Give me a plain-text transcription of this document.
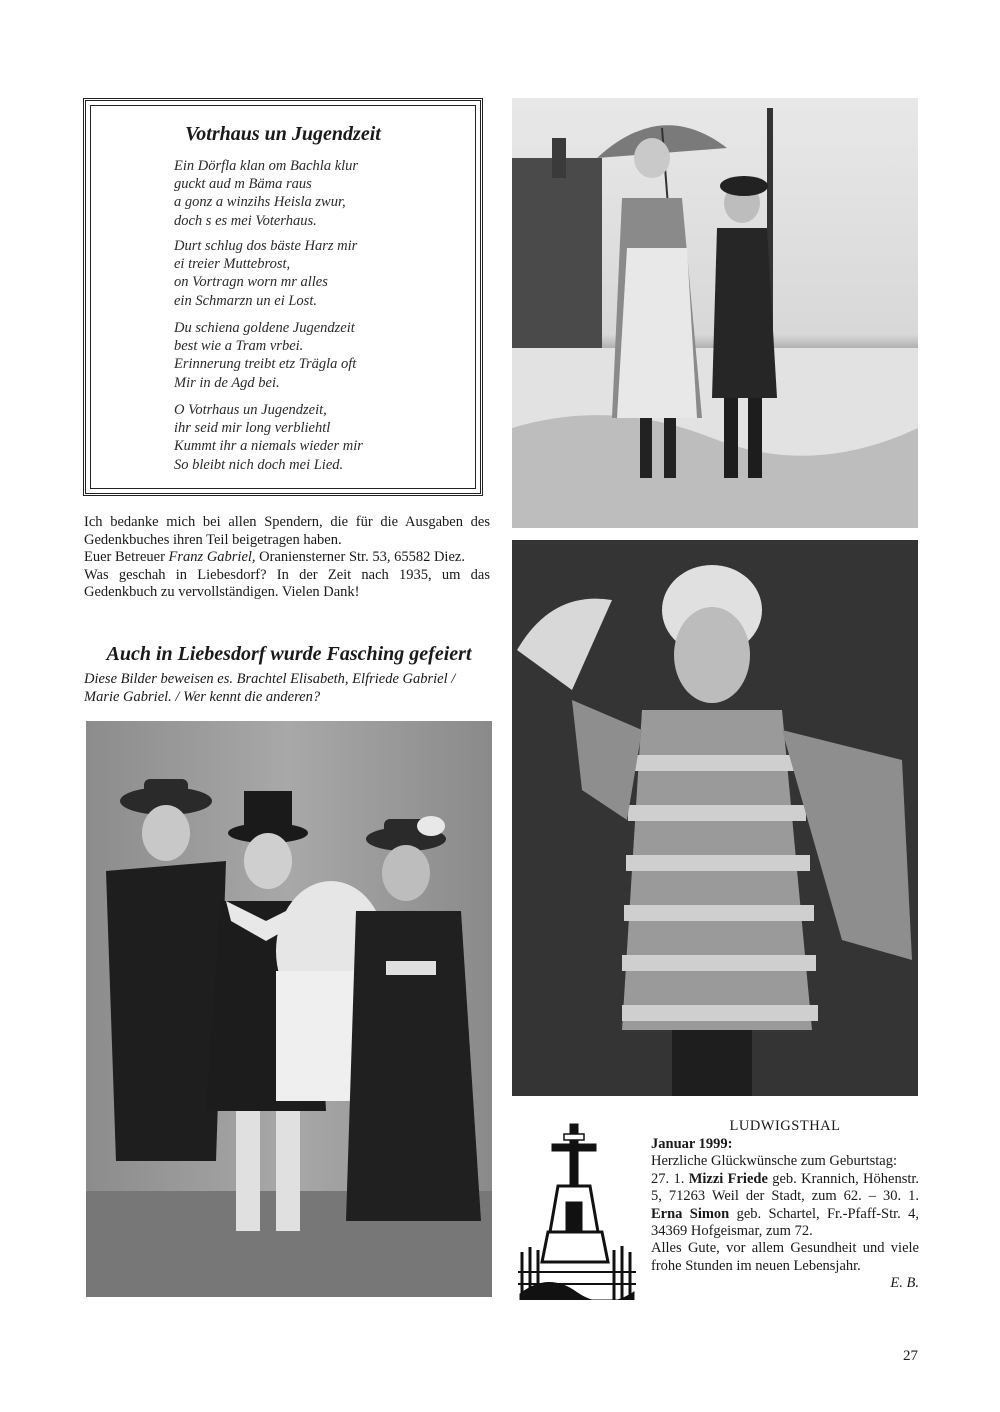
Votrhaus un Jugendzeit
Ein Dörfla klan om Bachla klur
guckt aud m Bäma raus
a gonz a winzihs Heisla zwur,
doch s es mei Voterhaus.
Durt schlug dos bäste Harz mir
ei treier Muttebrost,
on Vortragn worn mr alles
ein Schmarzn un ei Lost.
Du schiena goldene Jugendzeit
best wie a Tram vrbei.
Erinnerung treibt etz Trägla oft
Mir in de Agd bei.
O Votrhaus un Jugendzeit,
ihr seid mir long verbliehtl
Kummt ihr a niemals wieder mir
So bleibt nich doch mei Lied.

Ich bedanke mich bei allen Spendern, die für die Ausgaben des Gedenkbuches ihren Teil beigetragen haben.

Euer Betreuer Franz Gabriel, Oraniensterner Str. 53, 65582 Diez.

Was geschah in Liebesdorf? In der Zeit nach 1935, um das Gedenkbuch zu vervollständigen. Vielen Dank!

Auch in Liebesdorf wurde Fasching gefeiert
Diese Bilder beweisen es. Brachtel Elisabeth, Elfriede Gabriel / Marie Gabriel. / Wer kennt die anderen?
LUDWIGSTHAL

Januar 1999:

Herzliche Glückwünsche zum Geburtstag:

27. 1. Mizzi Friede geb. Krannich, Höhenstr. 5, 71263 Weil der Stadt, zum 62. – 30. 1. Erna Simon geb. Schartel, Fr.-Pfaff-Str. 4, 34369 Hofgeismar, zum 72.

Alles Gute, vor allem Gesundheit und viele frohe Stunden im neuen Lebensjahr.

E. B.

27
